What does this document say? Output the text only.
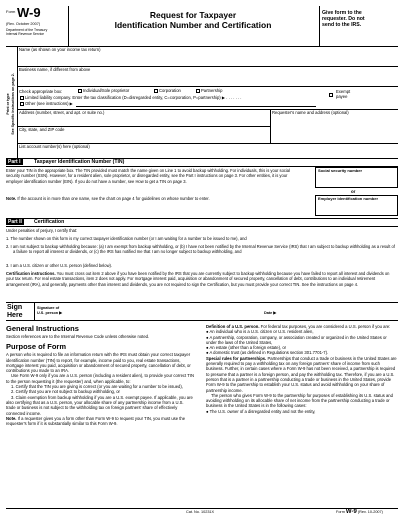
Form W-9
(Rev. October 2007)
Department of the Treasury
Internal Revenue Service
Request for Taxpayer
Identification Number and Certification
Give form to the
requester. Do not
send to the IRS.
Print or type See Specific Instructions on page 2.
Name (as shown on your income tax return)
Business name, if different from above
Check appropriate box:	Individual/Sole proprietor	Corporation	Partnership
Limited liability company. Enter the tax classification (D=disregarded entity, C=corporation, P=partnership) ▶ . . . . . . .
Other (see instructions) ▶
Exempt
payee
Address (number, street, and apt. or suite no.)	Requester's name and address (optional)
City, state, and ZIP code
List account number(s) here (optional)
Part I	Taxpayer Identification Number (TIN)
Enter your TIN in the appropriate box. The TIN provided must match the name given on Line 1 to avoid backup withholding. For individuals, this is your social security number (SSN). However, for a resident alien, sole proprietor, or disregarded entity, see the Part I instructions on page 3. For other entities, it is your employer identification number (EIN). If you do not have a number, see How to get a TIN on page 3.
Note. If the account is in more than one name, see the chart on page 4 for guidelines on whose number to enter.
Social security number
or
Employer identification number
Part II	Certification
Under penalties of perjury, I certify that:
1. The number shown on this form is my correct taxpayer identification number (or I am waiting for a number to be issued to me), and
2. I am not subject to backup withholding because: (a) I am exempt from backup withholding, or (b) I have not been notified by the Internal Revenue Service (IRS) that I am subject to backup withholding as a result of a failure to report all interest or dividends, or (c) the IRS has notified me that I am no longer subject to backup withholding, and
3. I am a U.S. citizen or other U.S. person (defined below).
Certification instructions. You must cross out item 2 above if you have been notified by the IRS that you are currently subject to backup withholding because you have failed to report all interest and dividends on your tax return. For real estate transactions, item 2 does not apply. For mortgage interest paid, acquisition or abandonment of secured property, cancellation of debt, contributions to an individual retirement arrangement (IRA), and generally, payments other than interest and dividends, you are not required to sign the Certification, but you must provide your correct TIN. See the instructions on page 4.
Sign
Here
Signature of
U.S. person ▶	Date ▶
General Instructions

Section references are to the Internal Revenue Code unless otherwise noted.

Purpose of Form

A person who is required to file an information return with the IRS must obtain your correct taxpayer identification number (TIN) to report, for example, income paid to you, real estate transactions, mortgage interest you paid, acquisition or abandonment of secured property, cancellation of debt, or contributions you made to an IRA.

Use Form W-9 only if you are a U.S. person (including a resident alien), to provide your correct TIN to the person requesting it (the requester) and, when applicable, to:

1. Certify that the TIN you are giving is correct (or you are waiting for a number to be issued),

2. Certify that you are not subject to backup withholding, or

3. Claim exemption from backup withholding if you are a U.S. exempt payee. If applicable, you are also certifying that as a U.S. person, your allocable share of any partnership income from a U.S. trade or business is not subject to the withholding tax on foreign partners' share of effectively connected income.

Note. If a requester gives you a form other than Form W-9 to request your TIN, you must use the requester's form if it is substantially similar to this Form W-9.

Definition of a U.S. person. For federal tax purposes, you are considered a U.S. person if you are:

● An individual who is a U.S. citizen or U.S. resident alien,

● A partnership, corporation, company, or association created or organized in the United States or under the laws of the United States,

● An estate (other than a foreign estate), or

● A domestic trust (as defined in Regulations section 301.7701-7).

Special rules for partnerships. Partnerships that conduct a trade or business in the United States are generally required to pay a withholding tax on any foreign partners' share of income from such business. Further, in certain cases where a Form W-9 has not been received, a partnership is required to presume that a partner is a foreign person, and pay the withholding tax. Therefore, if you are a U.S. person that is a partner in a partnership conducting a trade or business in the United States, provide Form W-9 to the partnership to establish your U.S. status and avoid withholding on your share of partnership income.

The person who gives Form W-9 to the partnership for purposes of establishing its U.S. status and avoiding withholding on its allocable share of net income from the partnership conducting a trade or business in the United States is in the following cases:

● The U.S. owner of a disregarded entity and not the entity,

Cat. No. 10231X	Form W-9 (Rev. 10-2007)
